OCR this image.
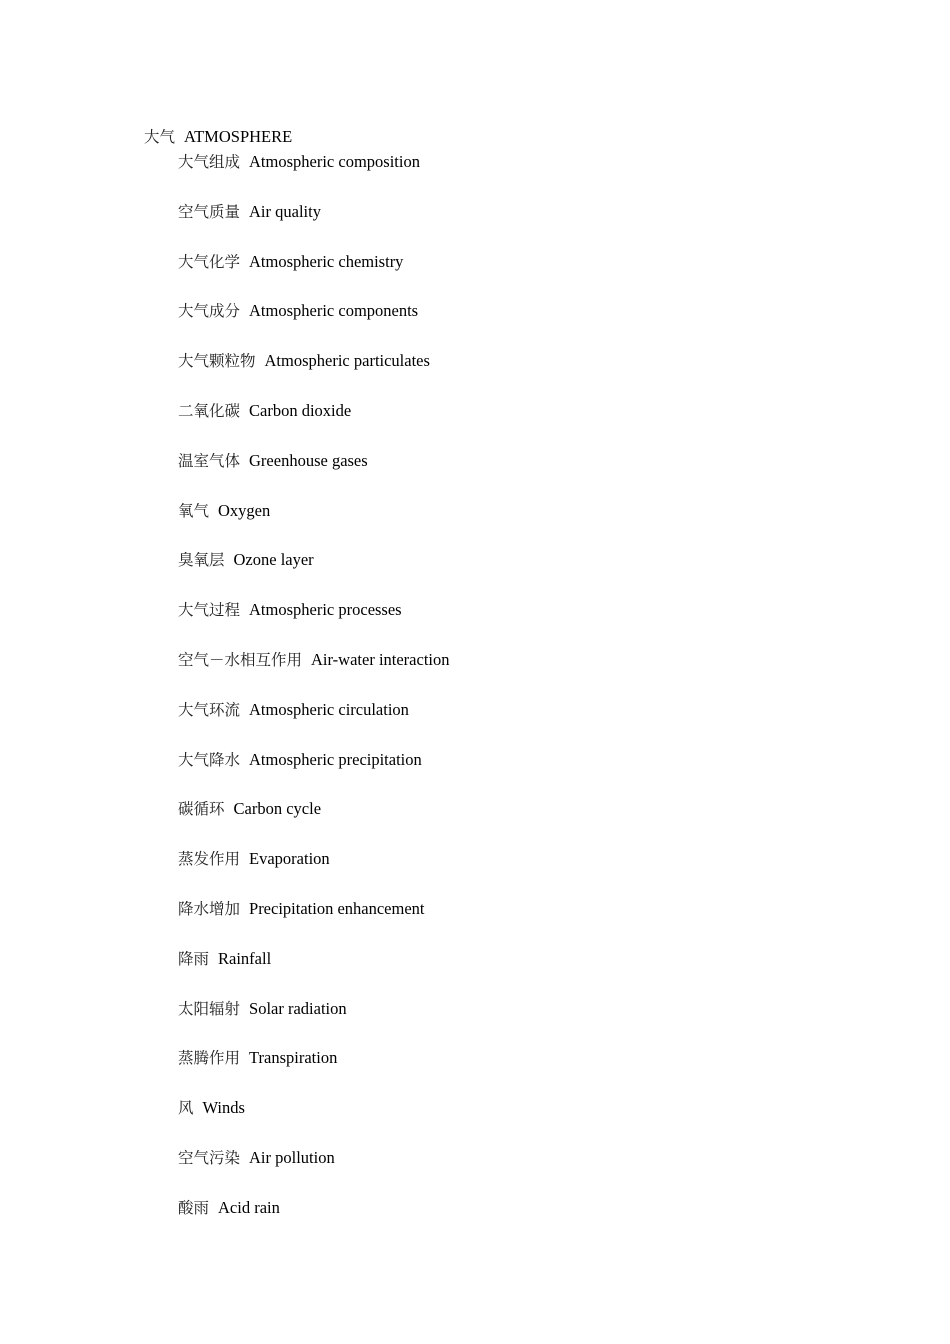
大气 ATMOSPHERE
大气组成 Atmospheric composition
空气质量 Air quality
大气化学 Atmospheric chemistry
大气成分 Atmospheric components
大气颗粒物 Atmospheric particulates
二氧化碳 Carbon dioxide
温室气体 Greenhouse gases
氧气 Oxygen
臭氧层 Ozone layer
大气过程 Atmospheric processes
空气－水相互作用 Air-water interaction
大气环流 Atmospheric circulation
大气降水 Atmospheric precipitation
碳循环 Carbon cycle
蒸发作用 Evaporation
降水增加 Precipitation enhancement
降雨 Rainfall
太阳辐射 Solar radiation
蒸腾作用 Transpiration
风 Winds
空气污染 Air pollution
酸雨 Acid rain
